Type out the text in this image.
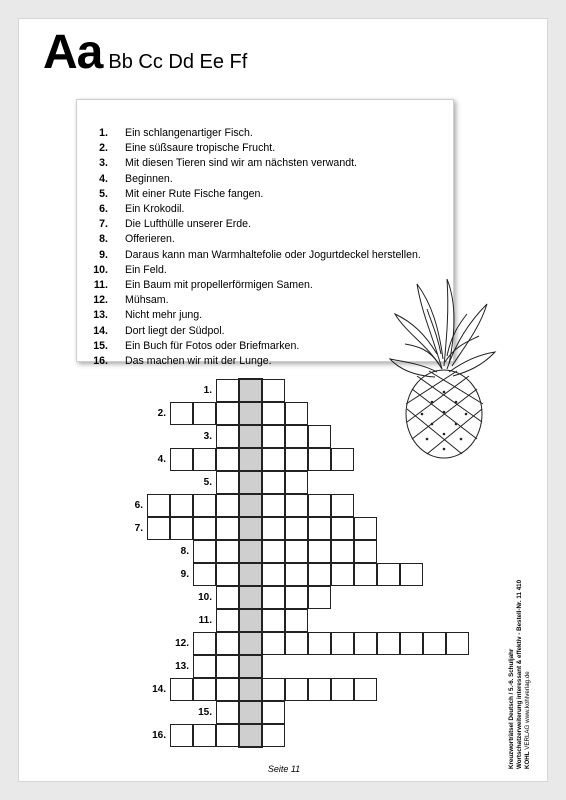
Aa Bb Cc Dd Ee Ff
1. Ein schlangenartiger Fisch.
2. Eine süßsaure tropische Frucht.
3. Mit diesen Tieren sind wir am nächsten verwandt.
4. Beginnen.
5. Mit einer Rute Fische fangen.
6. Ein Krokodil.
7. Die Lufthülle unserer Erde.
8. Offerieren.
9. Daraus kann man Warmhaltefolie oder Jogurtdeckel herstellen.
10. Ein Feld.
11. Ein Baum mit propellerförmigen Samen.
12. Mühsam.
13. Nicht mehr jung.
14. Dort liegt der Südpol.
15. Ein Buch für Fotos oder Briefmarken.
16. Das machen wir mit der Lunge.
1.
2.
3.
4.
5.
6.
7.
8.
9.
10.
11.
12.
13.
14.
15.
16.	Kreuzworträtsel Deutsch / 5.-6. Schuljahr Wortschatzerweiterung interessant & effektiv - Bestell-Nr. 11 410 KOHL VERLAG www.kohlverlag.de
Seite 11
